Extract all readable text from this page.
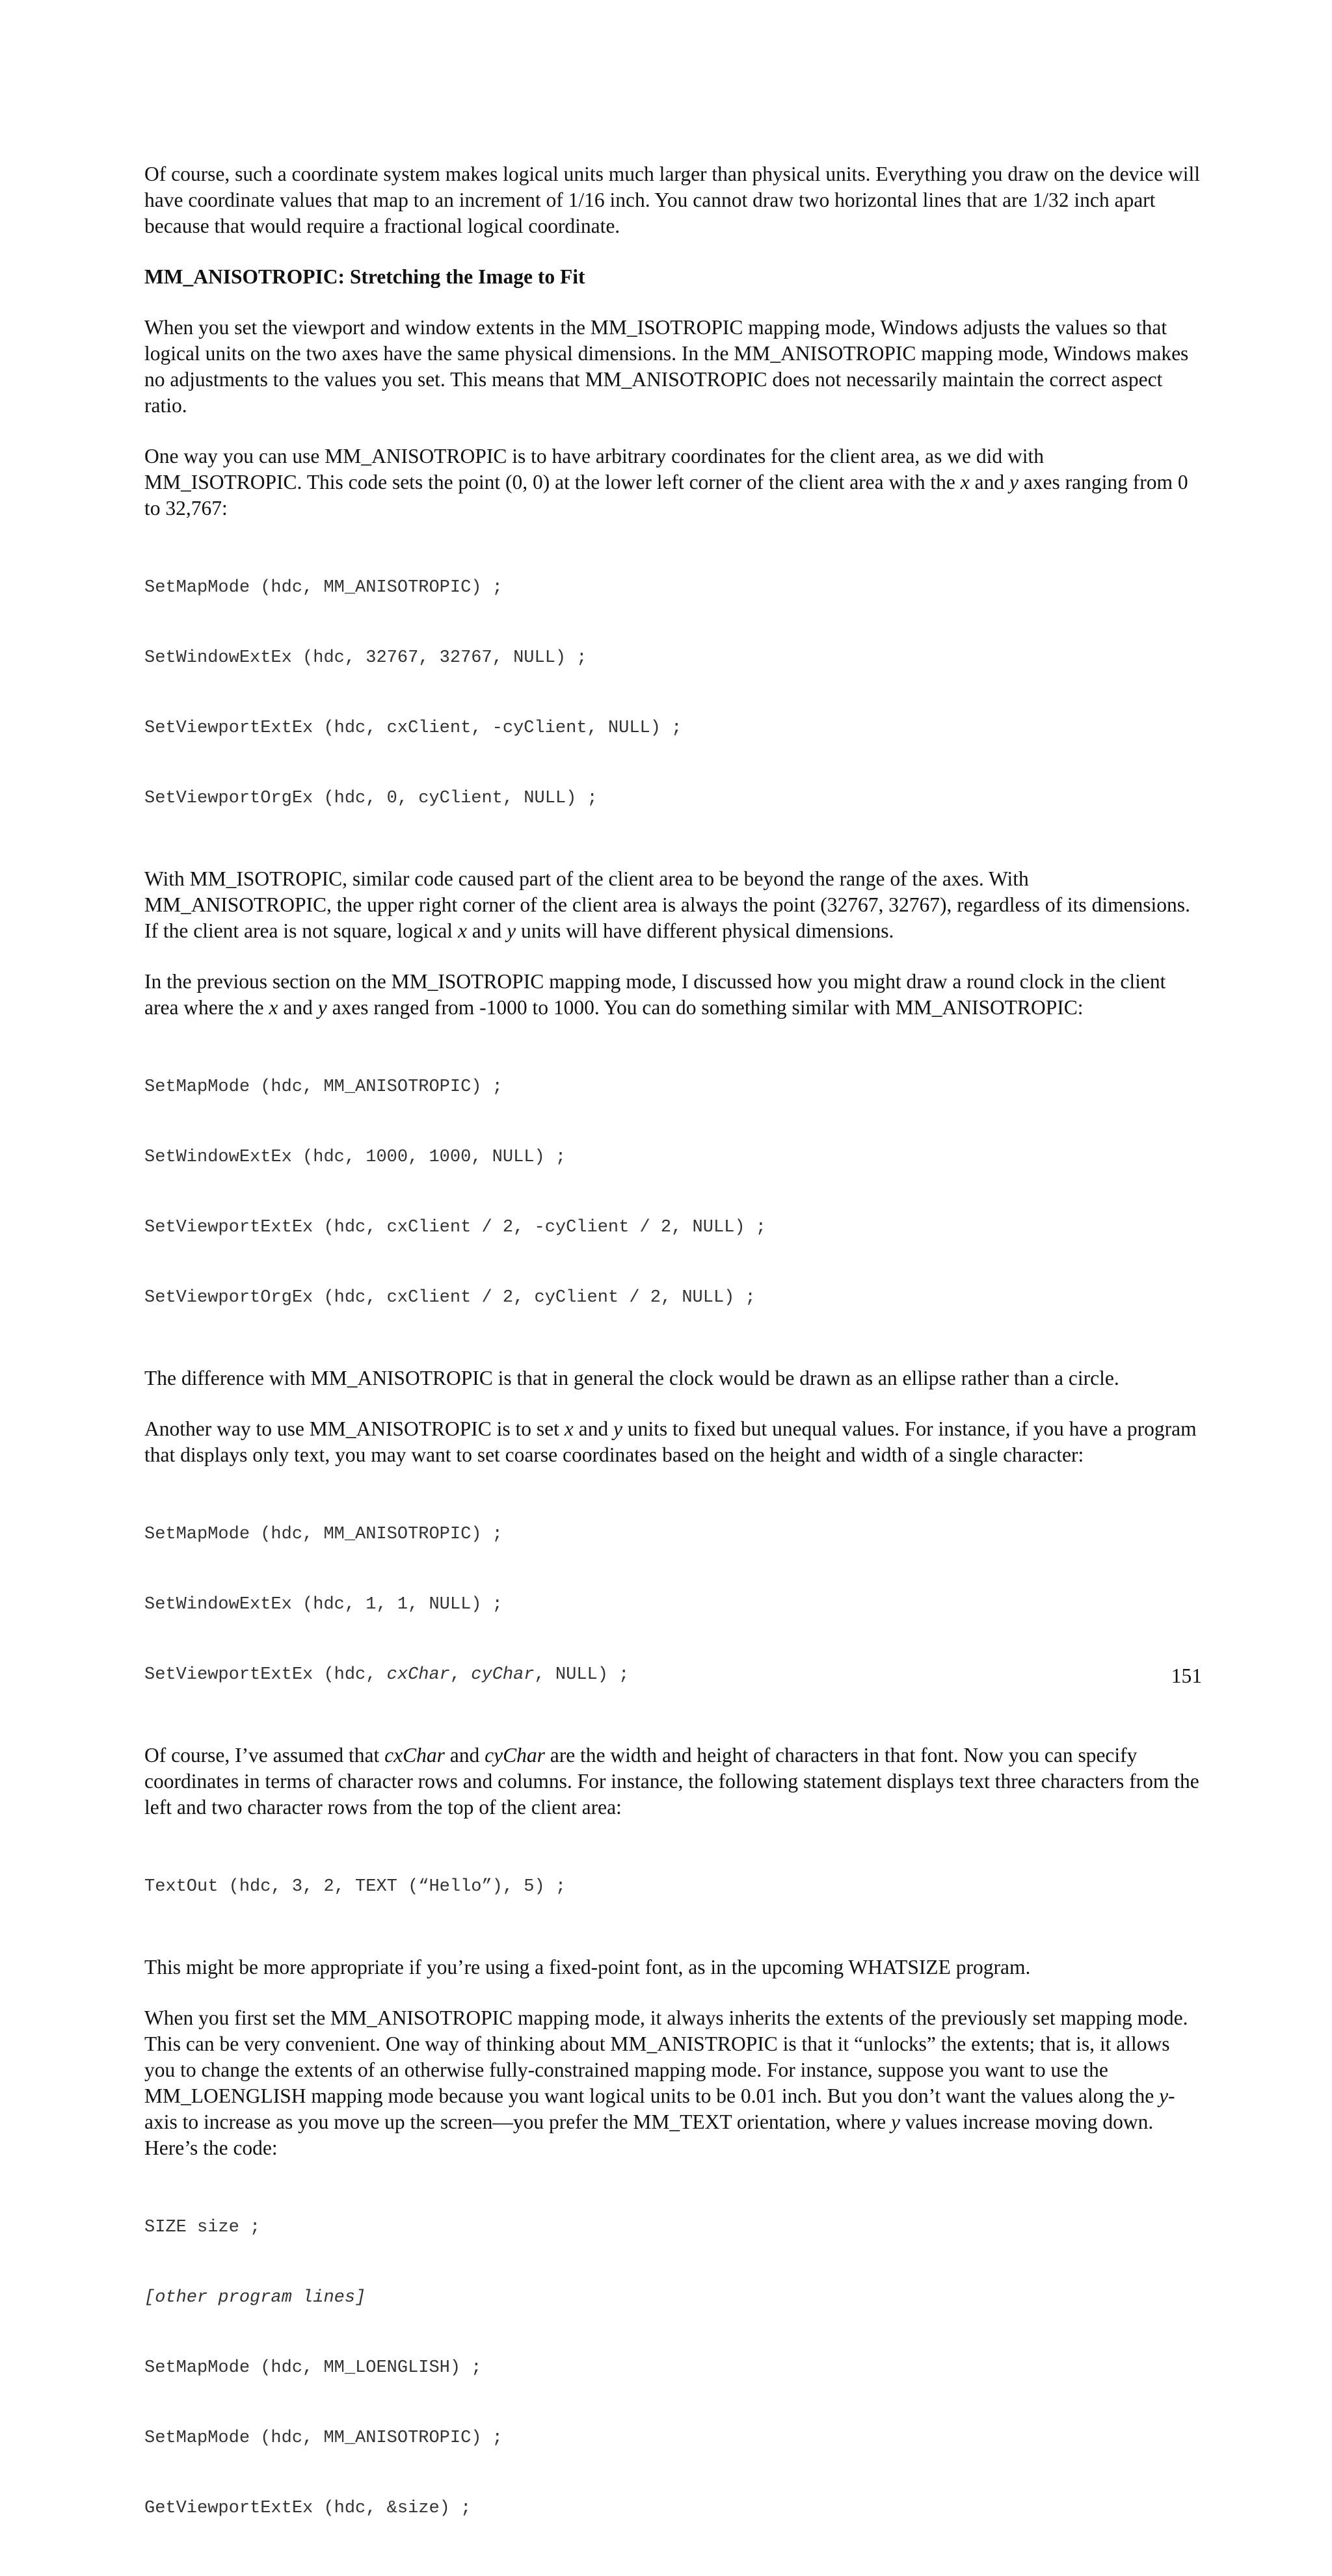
Of course, such a coordinate system makes logical units much larger than physical units. Everything you draw on the device will have coordinate values that map to an increment of 1/16 inch. You cannot draw two horizontal lines that are 1/32 inch apart because that would require a fractional logical coordinate.

MM_ANISOTROPIC: Stretching the Image to Fit

When you set the viewport and window extents in the MM_ISOTROPIC mapping mode, Windows adjusts the values so that logical units on the two axes have the same physical dimensions. In the MM_ANISOTROPIC mapping mode, Windows makes no adjustments to the values you set. This means that MM_ANISOTROPIC does not necessarily maintain the correct aspect ratio.

One way you can use MM_ANISOTROPIC is to have arbitrary coordinates for the client area, as we did with MM_ISOTROPIC. This code sets the point (0, 0) at the lower left corner of the client area with the x and y axes ranging from 0 to 32,767:

SetMapMode (hdc, MM_ANISOTROPIC) ;

SetWindowExtEx (hdc, 32767, 32767, NULL) ;

SetViewportExtEx (hdc, cxClient, -cyClient, NULL) ;

SetViewportOrgEx (hdc, 0, cyClient, NULL) ;

With MM_ISOTROPIC, similar code caused part of the client area to be beyond the range of the axes. With MM_ANISOTROPIC, the upper right corner of the client area is always the point (32767, 32767), regardless of its dimensions. If the client area is not square, logical x and y units will have different physical dimensions.

In the previous section on the MM_ISOTROPIC mapping mode, I discussed how you might draw a round clock in the client area where the x and y axes ranged from -1000 to 1000. You can do something similar with MM_ANISOTROPIC:

SetMapMode (hdc, MM_ANISOTROPIC) ;

SetWindowExtEx (hdc, 1000, 1000, NULL) ;

SetViewportExtEx (hdc, cxClient / 2, -cyClient / 2, NULL) ;

SetViewportOrgEx (hdc, cxClient / 2, cyClient / 2, NULL) ;

The difference with MM_ANISOTROPIC is that in general the clock would be drawn as an ellipse rather than a circle.

Another way to use MM_ANISOTROPIC is to set x and y units to fixed but unequal values. For instance, if you have a program that displays only text, you may want to set coarse coordinates based on the height and width of a single character:

SetMapMode (hdc, MM_ANISOTROPIC) ;

SetWindowExtEx (hdc, 1, 1, NULL) ;

SetViewportExtEx (hdc, cxChar, cyChar, NULL) ;

Of course, I’ve assumed that cxChar and cyChar are the width and height of characters in that font. Now you can specify coordinates in terms of character rows and columns. For instance, the following statement displays text three characters from the left and two character rows from the top of the client area:

TextOut (hdc, 3, 2, TEXT (“Hello”), 5) ;

This might be more appropriate if you’re using a fixed-point font, as in the upcoming WHATSIZE program.

When you first set the MM_ANISOTROPIC mapping mode, it always inherits the extents of the previously set mapping mode. This can be very convenient. One way of thinking about MM_ANISTROPIC is that it “unlocks” the extents; that is, it allows you to change the extents of an otherwise fully-constrained mapping mode. For instance, suppose you want to use the MM_LOENGLISH mapping mode because you want logical units to be 0.01 inch. But you don’t want the values along the y-axis to increase as you move up the screen—you prefer the MM_TEXT orientation, where y values increase moving down. Here’s the code:

SIZE size ;

[other program lines]

SetMapMode (hdc, MM_LOENGLISH) ;

SetMapMode (hdc, MM_ANISOTROPIC) ;

GetViewportExtEx (hdc, &size) ;

151
